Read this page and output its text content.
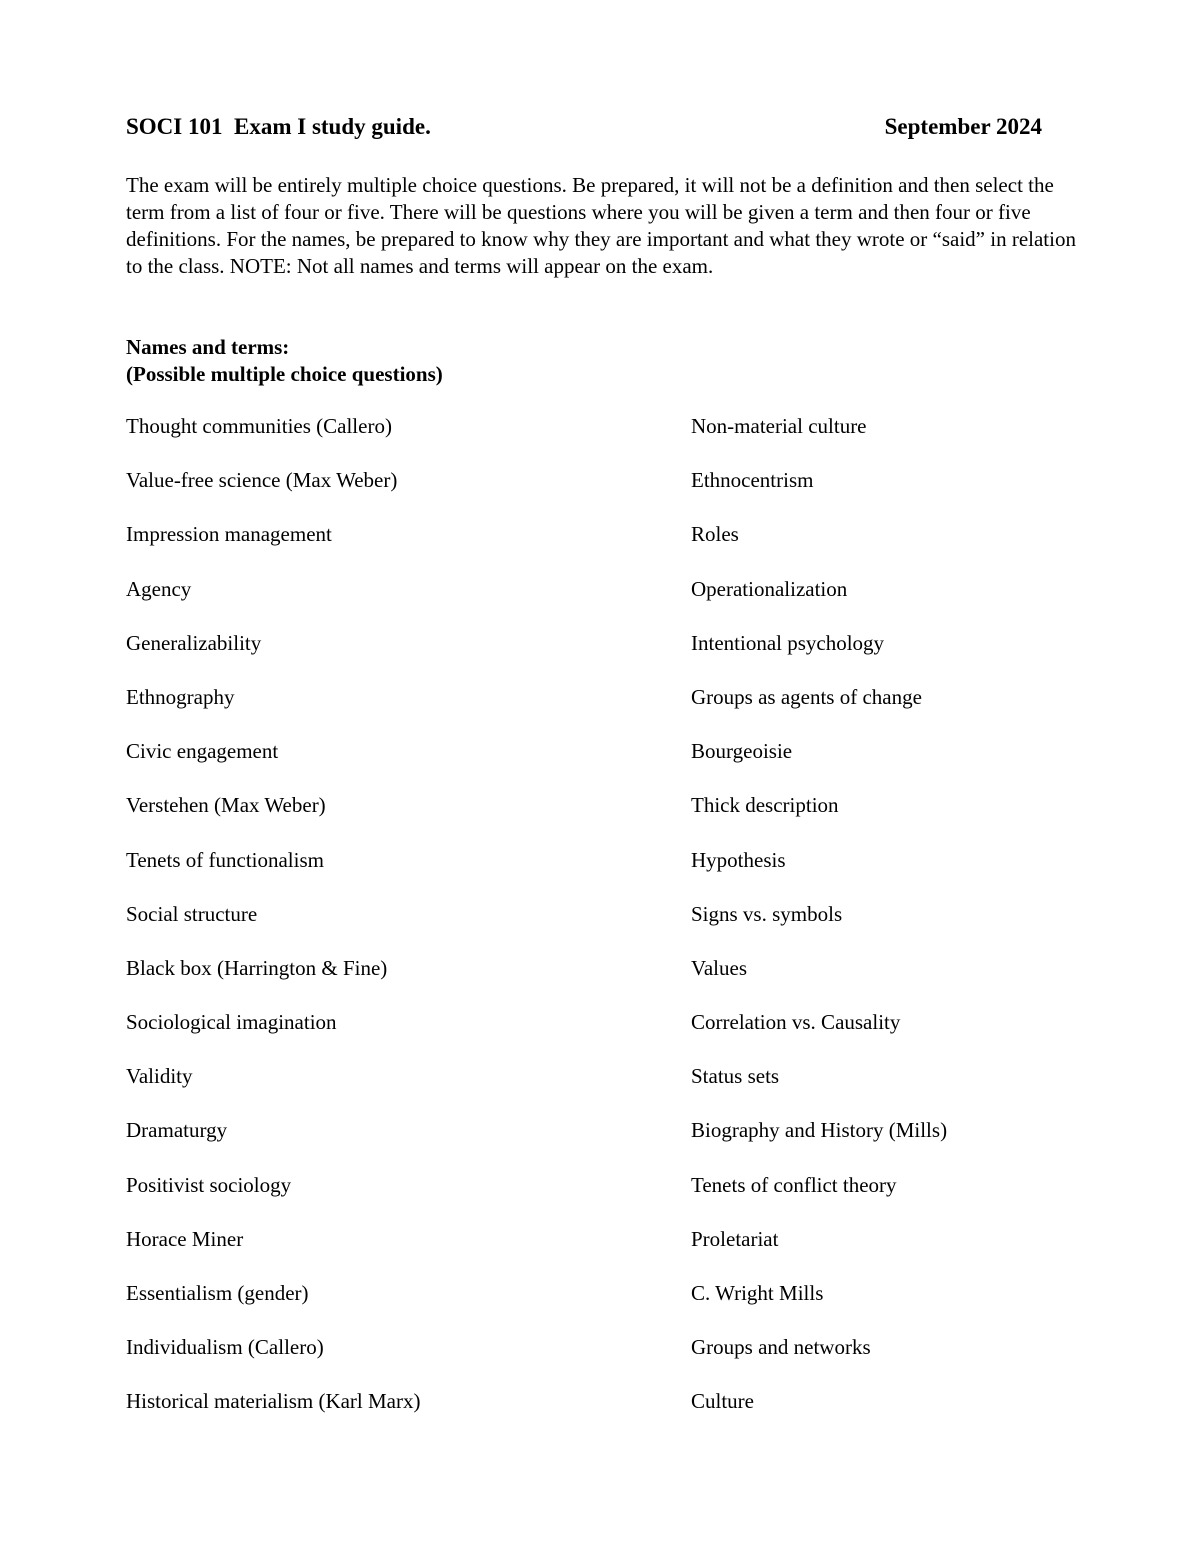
SOCI 101  Exam I study guide.	September 2024
The exam will be entirely multiple choice questions. Be prepared, it will not be a definition and then select the term from a list of four or five. There will be questions where you will be given a term and then four or five definitions. For the names, be prepared to know why they are important and what they wrote or “said” in relation to the class. NOTE: Not all names and terms will appear on the exam.
Names and terms:
(Possible multiple choice questions)
Thought communities (Callero)	Non-material culture
Value-free science (Max Weber)	Ethnocentrism
Impression management	Roles
Agency	Operationalization
Generalizability	Intentional psychology
Ethnography	Groups as agents of change
Civic engagement	Bourgeoisie
Verstehen (Max Weber)	Thick description
Tenets of functionalism	Hypothesis
Social structure	Signs vs. symbols
Black box (Harrington & Fine)	Values
Sociological imagination	Correlation vs. Causality
Validity	Status sets
Dramaturgy	Biography and History (Mills)
Positivist sociology	Tenets of conflict theory
Horace Miner	Proletariat
Essentialism (gender)	C. Wright Mills
Individualism (Callero)	Groups and networks
Historical materialism (Karl Marx)	Culture
